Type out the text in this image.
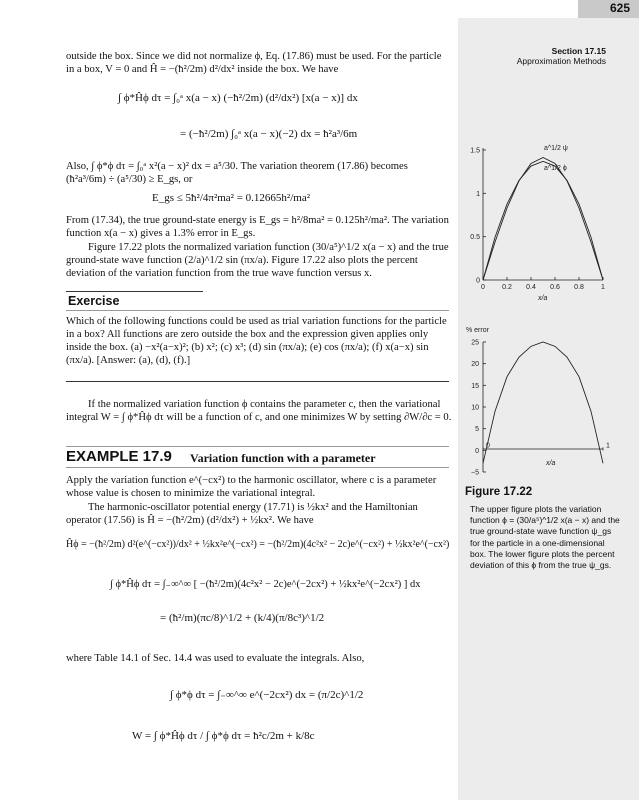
625
Section 17.15
Approximation Methods
outside the box. Since we did not normalize ϕ, Eq. (17.86) must be used. For the particle in a box, V = 0 and Ĥ = −(ħ²/2m) d²/dx² inside the box. We have
∫ ϕ*Ĥϕ dτ = ∫₀ᵃ x(a − x) (−ħ²/2m) (d²/dx²) [x(a − x)] dx
= (−ħ²/2m) ∫₀ᵃ x(a − x)(−2) dx = ħ²a³/6m
Also, ∫ ϕ*ϕ dτ = ∫₀ᵃ x²(a − x)² dx = a⁵/30. The variation theorem (17.86) becomes (ħ²a³/6m) ÷ (a⁵/30) ≥ E_gs, or
E_gs ≤ 5ħ²/4π²ma² = 0.12665h²/ma²
From (17.34), the true ground-state energy is E_gs = h²/8ma² = 0.125h²/ma². The variation function x(a − x) gives a 1.3% error in E_gs.
Figure 17.22 plots the normalized variation function (30/a⁵)^1/2 x(a − x) and the true ground-state wave function (2/a)^1/2 sin (πx/a). Figure 17.22 also plots the percent deviation of the variation function from the true wave function versus x.
Exercise
Which of the following functions could be used as trial variation functions for the particle in a box? All functions are zero outside the box and the expression given applies only inside the box. (a) −x²(a−x)²; (b) x²; (c) x³; (d) sin (πx/a); (e) cos (πx/a); (f) x(a−x) sin (πx/a). [Answer: (a), (d), (f).]
If the normalized variation function ϕ contains the parameter c, then the variational integral W = ∫ ϕ*Ĥϕ dτ will be a function of c, and one minimizes W by setting ∂W/∂c = 0.
EXAMPLE 17.9 Variation function with a parameter
Apply the variation function e^(−cx²) to the harmonic oscillator, where c is a parameter whose value is chosen to minimize the variational integral.
The harmonic-oscillator potential energy (17.71) is ½kx² and the Hamiltonian operator (17.56) is Ĥ = −(ħ²/2m) (d²/dx²) + ½kx². We have
Ĥϕ = −(ħ²/2m) d²(e^(−cx²))/dx² + ½kx²e^(−cx²) = −(ħ²/2m)(4c²x² − 2c)e^(−cx²) + ½kx²e^(−cx²)
∫ ϕ*Ĥϕ dτ = ∫₋∞^∞ [ −(ħ²/2m)(4c²x² − 2c)e^(−2cx²) + ½kx²e^(−2cx²) ] dx
= (ħ²/m)(πc/8)^1/2 + (k/4)(π/8c³)^1/2
where Table 14.1 of Sec. 14.4 was used to evaluate the integrals. Also,
∫ ϕ*ϕ dτ = ∫₋∞^∞ e^(−2cx²) dx = (π/2c)^1/2
W = ∫ ϕ*Ĥϕ dτ / ∫ ϕ*ϕ dτ = ħ²c/2m + k/8c
0
0.5
1
1.5
0 0.2 0.4 0.6 0.8 1
a^1/2 ψ
a^1/2 ϕ
x/a
% error
25
20
15
10
5
0
−5
0	1
x/a
Figure 17.22
The upper figure plots the variation function ϕ = (30/a⁵)^1/2 x(a − x) and the true ground-state wave function ψ_gs for the particle in a one-dimensional box. The lower figure plots the percent deviation of this ϕ from the true ψ_gs.
